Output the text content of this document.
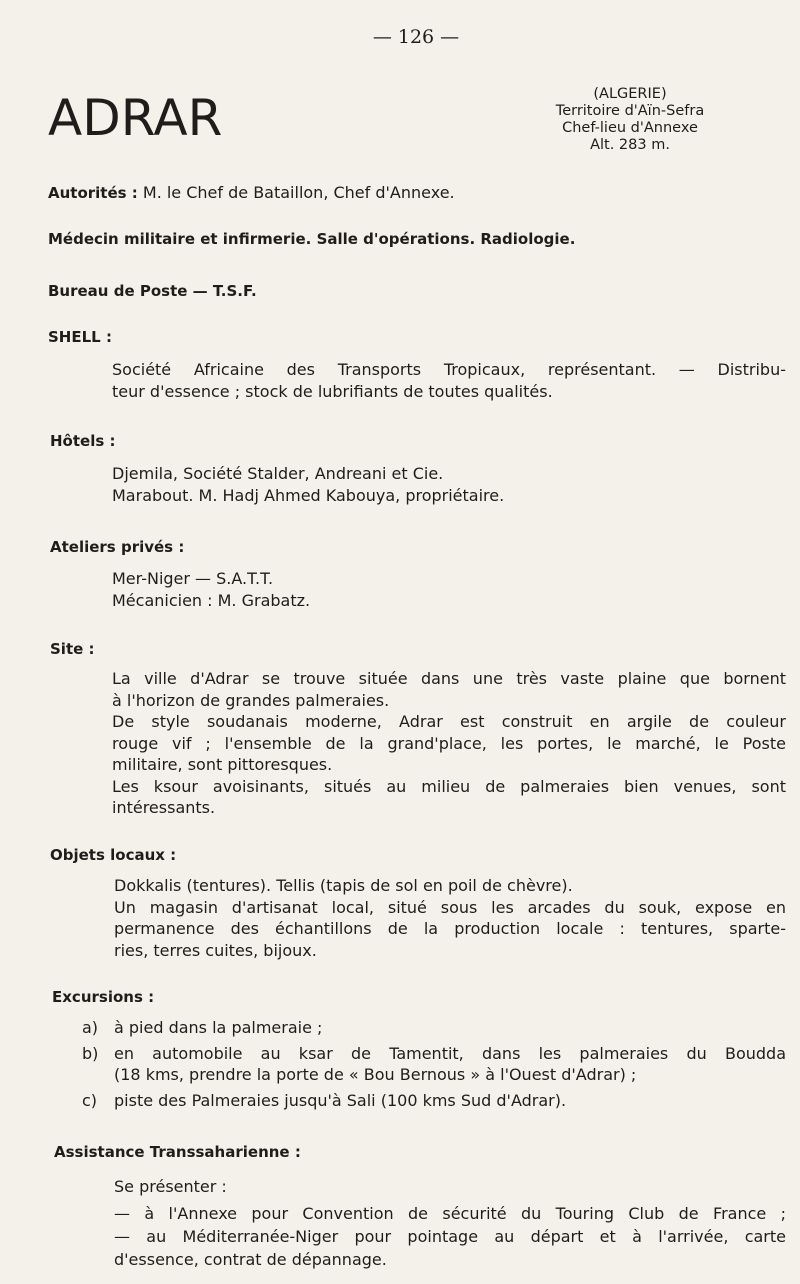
— 126 —
ADRAR	(ALGERIE)
Territoire d'Aïn-Sefra
Chef-lieu d'Annexe
Alt. 283 m.
Autorités : M. le Chef de Bataillon, Chef d'Annexe.
Médecin militaire et infirmerie. Salle d'opérations. Radiologie.
Bureau de Poste — T.S.F.
SHELL :
Société Africaine des Transports Tropicaux, représentant. — Distribu-
teur d'essence ; stock de lubrifiants de toutes qualités.
Hôtels :
Djemila, Société Stalder, Andreani et Cie.
Marabout. M. Hadj Ahmed Kabouya, propriétaire.
Ateliers privés :
Mer-Niger — S.A.T.T.
Mécanicien : M. Grabatz.
Site :
La ville d'Adrar se trouve située dans une très vaste plaine que bornent
à l'horizon de grandes palmeraies.
De style soudanais moderne, Adrar est construit en argile de couleur
rouge vif ; l'ensemble de la grand'place, les portes, le marché, le Poste
militaire, sont pittoresques.
Les ksour avoisinants, situés au milieu de palmeraies bien venues, sont
intéressants.
Objets locaux :
Dokkalis (tentures). Tellis (tapis de sol en poil de chèvre).
Un magasin d'artisanat local, situé sous les arcades du souk, expose en
permanence des échantillons de la production locale : tentures, sparte-
ries, terres cuites, bijoux.
Excursions :
a) à pied dans la palmeraie ;
b) en automobile au ksar de Tamentit, dans les palmeraies du Boudda
(18 kms, prendre la porte de « Bou Bernous » à l'Ouest d'Adrar) ;
c)	piste des Palmeraies jusqu'à Sali (100 kms Sud d'Adrar).
Assistance Transsaharienne :
Se présenter :
— à l'Annexe pour Convention de sécurité du Touring Club de France ;
— au Méditerranée-Niger pour pointage au départ et à l'arrivée, carte
d'essence, contrat de dépannage.
